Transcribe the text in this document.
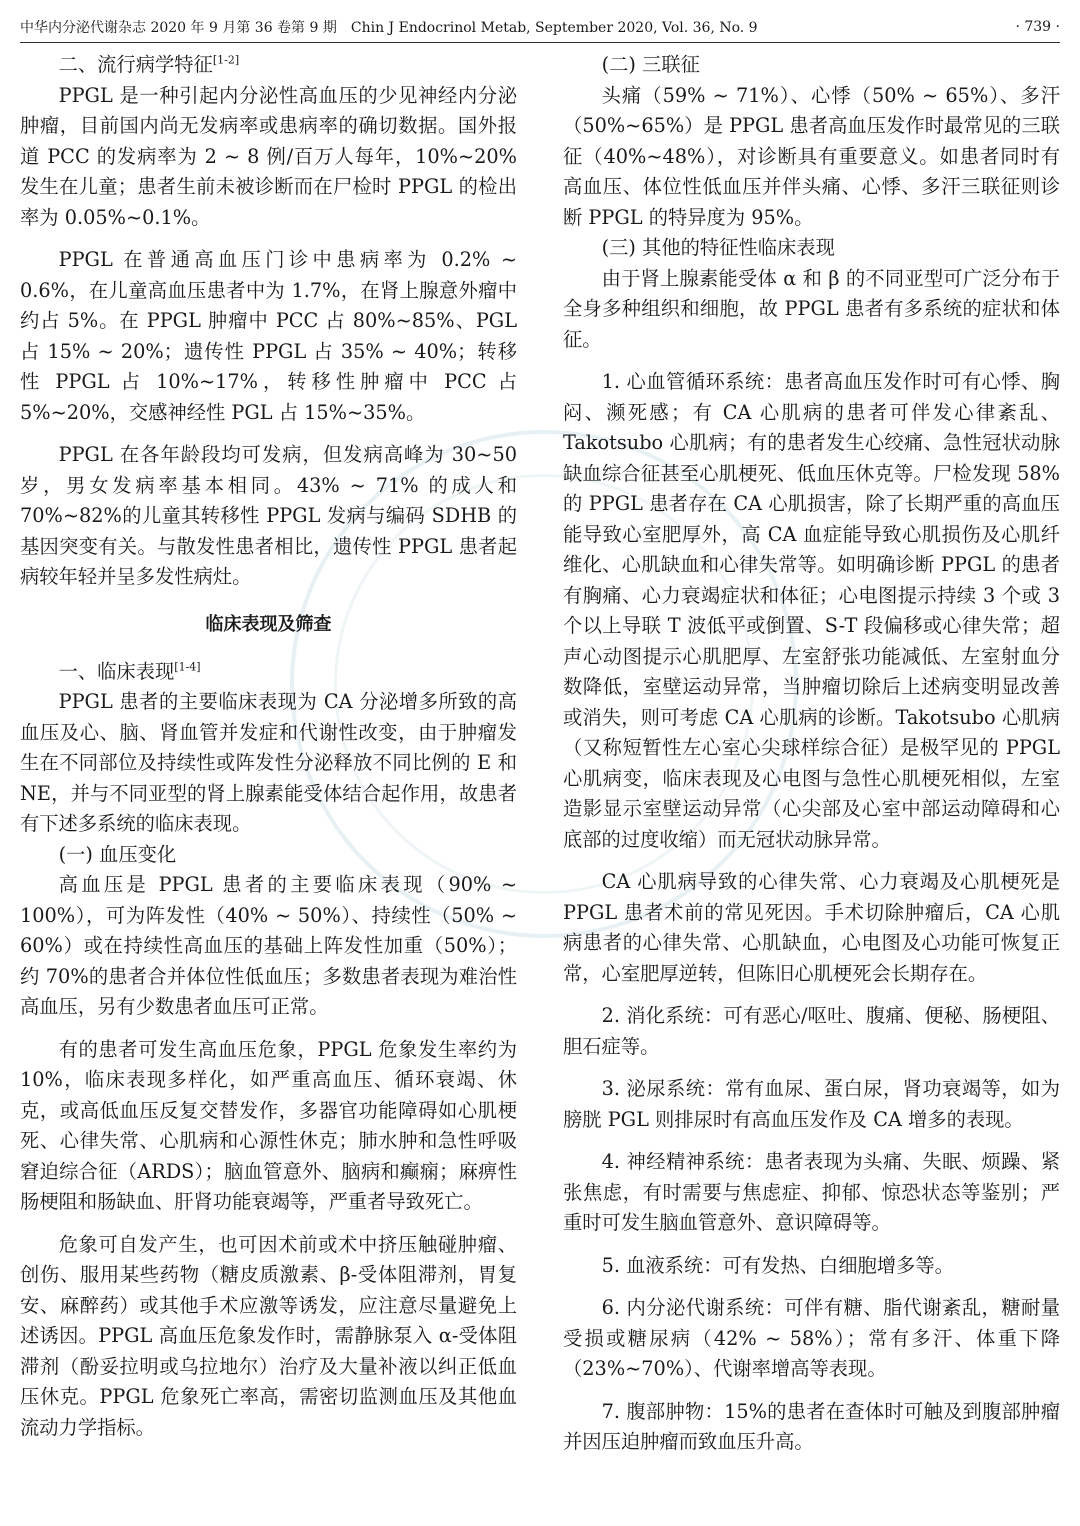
中华内分泌代谢杂志 2020 年 9 月第 36 卷第 9 期　Chin J Endocrinol Metab, September 2020, Vol. 36, No. 9	· 739 ·

二、流行病学特征[1-2]

PPGL 是一种引起内分泌性高血压的少见神经内分泌肿瘤，目前国内尚无发病率或患病率的确切数据。国外报道 PCC 的发病率为 2 ~ 8 例/百万人每年，10%~20%发生在儿童；患者生前未被诊断而在尸检时 PPGL 的检出率为 0.05%~0.1%。

PPGL 在普通高血压门诊中患病率为 0.2% ~ 0.6%，在儿童高血压患者中为 1.7%，在肾上腺意外瘤中约占 5%。在 PPGL 肿瘤中 PCC 占 80%~85%、PGL 占 15% ~ 20%；遗传性 PPGL 占 35% ~ 40%；转移性 PPGL 占 10%~17%，转移性肿瘤中 PCC 占 5%~20%，交感神经性 PGL 占 15%~35%。

PPGL 在各年龄段均可发病，但发病高峰为 30~50 岁，男女发病率基本相同。43% ~ 71% 的成人和 70%~82%的儿童其转移性 PPGL 发病与编码 SDHB 的基因突变有关。与散发性患者相比，遗传性 PPGL 患者起病较年轻并呈多发性病灶。

临床表现及筛查

一、临床表现[1-4]

PPGL 患者的主要临床表现为 CA 分泌增多所致的高血压及心、脑、肾血管并发症和代谢性改变，由于肿瘤发生在不同部位及持续性或阵发性分泌释放不同比例的 E 和 NE，并与不同亚型的肾上腺素能受体结合起作用，故患者有下述多系统的临床表现。

(一) 血压变化

高血压是 PPGL 患者的主要临床表现（90% ~ 100%），可为阵发性（40% ~ 50%）、持续性（50% ~ 60%）或在持续性高血压的基础上阵发性加重（50%）；约 70%的患者合并体位性低血压；多数患者表现为难治性高血压，另有少数患者血压可正常。

有的患者可发生高血压危象，PPGL 危象发生率约为 10%，临床表现多样化，如严重高血压、循环衰竭、休克，或高低血压反复交替发作，多器官功能障碍如心肌梗死、心律失常、心肌病和心源性休克；肺水肿和急性呼吸窘迫综合征（ARDS）；脑血管意外、脑病和癫痫；麻痹性肠梗阻和肠缺血、肝肾功能衰竭等，严重者导致死亡。

危象可自发产生，也可因术前或术中挤压触碰肿瘤、创伤、服用某些药物（糖皮质激素、β-受体阻滞剂，胃复安、麻醉药）或其他手术应激等诱发，应注意尽量避免上述诱因。PPGL 高血压危象发作时，需静脉泵入 α-受体阻滞剂（酚妥拉明或乌拉地尔）治疗及大量补液以纠正低血压休克。PPGL 危象死亡率高，需密切监测血压及其他血流动力学指标。

(二) 三联征

头痛（59% ~ 71%）、心悸（50% ~ 65%）、多汗（50%~65%）是 PPGL 患者高血压发作时最常见的三联征（40%~48%），对诊断具有重要意义。如患者同时有高血压、体位性低血压并伴头痛、心悸、多汗三联征则诊断 PPGL 的特异度为 95%。

(三) 其他的特征性临床表现

由于肾上腺素能受体 α 和 β 的不同亚型可广泛分布于全身多种组织和细胞，故 PPGL 患者有多系统的症状和体征。

1. 心血管循环系统：患者高血压发作时可有心悸、胸闷、濒死感；有 CA 心肌病的患者可伴发心律紊乱、Takotsubo 心肌病；有的患者发生心绞痛、急性冠状动脉缺血综合征甚至心肌梗死、低血压休克等。尸检发现 58%的 PPGL 患者存在 CA 心肌损害，除了长期严重的高血压能导致心室肥厚外，高 CA 血症能导致心肌损伤及心肌纤维化、心肌缺血和心律失常等。如明确诊断 PPGL 的患者有胸痛、心力衰竭症状和体征；心电图提示持续 3 个或 3 个以上导联 T 波低平或倒置、S-T 段偏移或心律失常；超声心动图提示心肌肥厚、左室舒张功能减低、左室射血分数降低，室壁运动异常，当肿瘤切除后上述病变明显改善或消失，则可考虑 CA 心肌病的诊断。Takotsubo 心肌病（又称短暂性左心室心尖球样综合征）是极罕见的 PPGL 心肌病变，临床表现及心电图与急性心肌梗死相似，左室造影显示室壁运动异常（心尖部及心室中部运动障碍和心底部的过度收缩）而无冠状动脉异常。

CA 心肌病导致的心律失常、心力衰竭及心肌梗死是 PPGL 患者术前的常见死因。手术切除肿瘤后，CA 心肌病患者的心律失常、心肌缺血，心电图及心功能可恢复正常，心室肥厚逆转，但陈旧心肌梗死会长期存在。

2. 消化系统：可有恶心/呕吐、腹痛、便秘、肠梗阻、胆石症等。

3. 泌尿系统：常有血尿、蛋白尿，肾功衰竭等，如为膀胱 PGL 则排尿时有高血压发作及 CA 增多的表现。

4. 神经精神系统：患者表现为头痛、失眠、烦躁、紧张焦虑，有时需要与焦虑症、抑郁、惊恐状态等鉴别；严重时可发生脑血管意外、意识障碍等。

5. 血液系统：可有发热、白细胞增多等。

6. 内分泌代谢系统：可伴有糖、脂代谢紊乱，糖耐量受损或糖尿病（42% ~ 58%）；常有多汗、体重下降（23%~70%）、代谢率增高等表现。

7. 腹部肿物：15%的患者在查体时可触及到腹部肿瘤并因压迫肿瘤而致血压升高。
